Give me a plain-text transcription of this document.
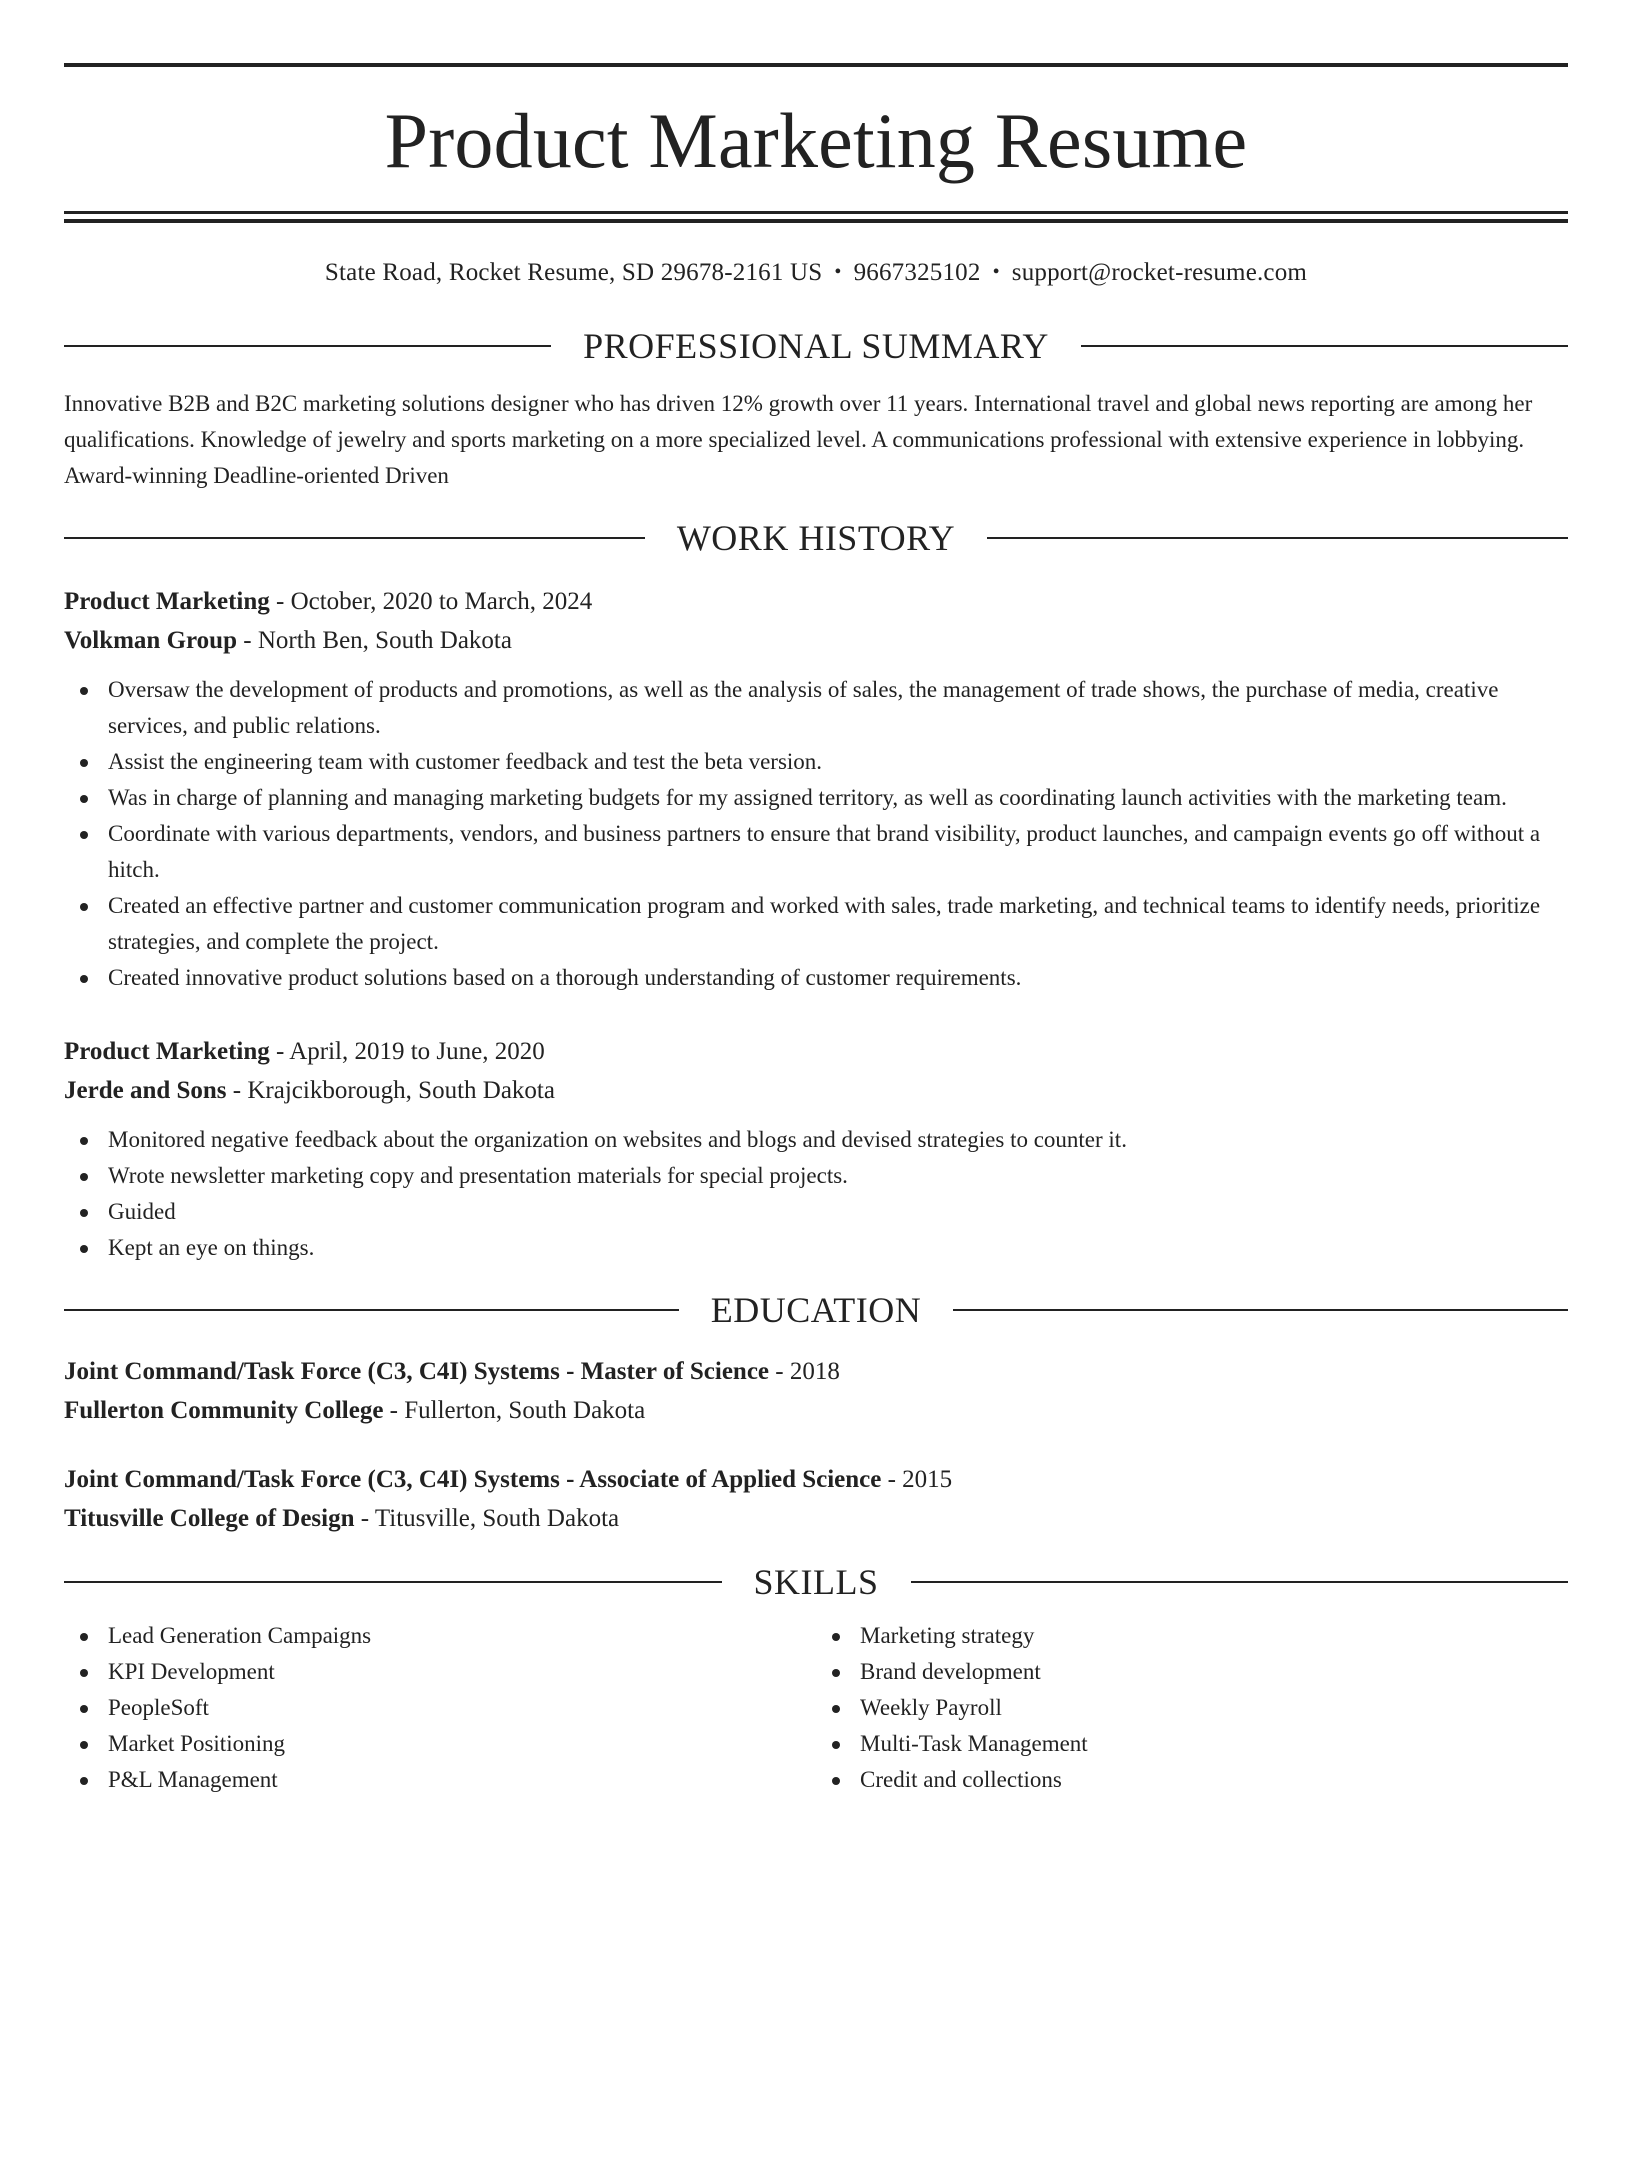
Product Marketing Resume
State Road, Rocket Resume, SD 29678-2161 US • 9667325102 • support@rocket-resume.com
PROFESSIONAL SUMMARY
Innovative B2B and B2C marketing solutions designer who has driven 12% growth over 11 years. International travel and global news reporting are among her qualifications. Knowledge of jewelry and sports marketing on a more specialized level. A communications professional with extensive experience in lobbying. Award-winning Deadline-oriented Driven
WORK HISTORY
Product Marketing - October, 2020 to March, 2024
Volkman Group - North Ben, South Dakota
Oversaw the development of products and promotions, as well as the analysis of sales, the management of trade shows, the purchase of media, creative services, and public relations.
Assist the engineering team with customer feedback and test the beta version.
Was in charge of planning and managing marketing budgets for my assigned territory, as well as coordinating launch activities with the marketing team.
Coordinate with various departments, vendors, and business partners to ensure that brand visibility, product launches, and campaign events go off without a hitch.
Created an effective partner and customer communication program and worked with sales, trade marketing, and technical teams to identify needs, prioritize strategies, and complete the project.
Created innovative product solutions based on a thorough understanding of customer requirements.
Product Marketing - April, 2019 to June, 2020
Jerde and Sons - Krajcikborough, South Dakota
Monitored negative feedback about the organization on websites and blogs and devised strategies to counter it.
Wrote newsletter marketing copy and presentation materials for special projects.
Guided
Kept an eye on things.
EDUCATION
Joint Command/Task Force (C3, C4I) Systems - Master of Science - 2018
Fullerton Community College - Fullerton, South Dakota
Joint Command/Task Force (C3, C4I) Systems - Associate of Applied Science - 2015
Titusville College of Design - Titusville, South Dakota
SKILLS
Lead Generation Campaigns
KPI Development
PeopleSoft
Market Positioning
P&L Management
Marketing strategy
Brand development
Weekly Payroll
Multi-Task Management
Credit and collections
